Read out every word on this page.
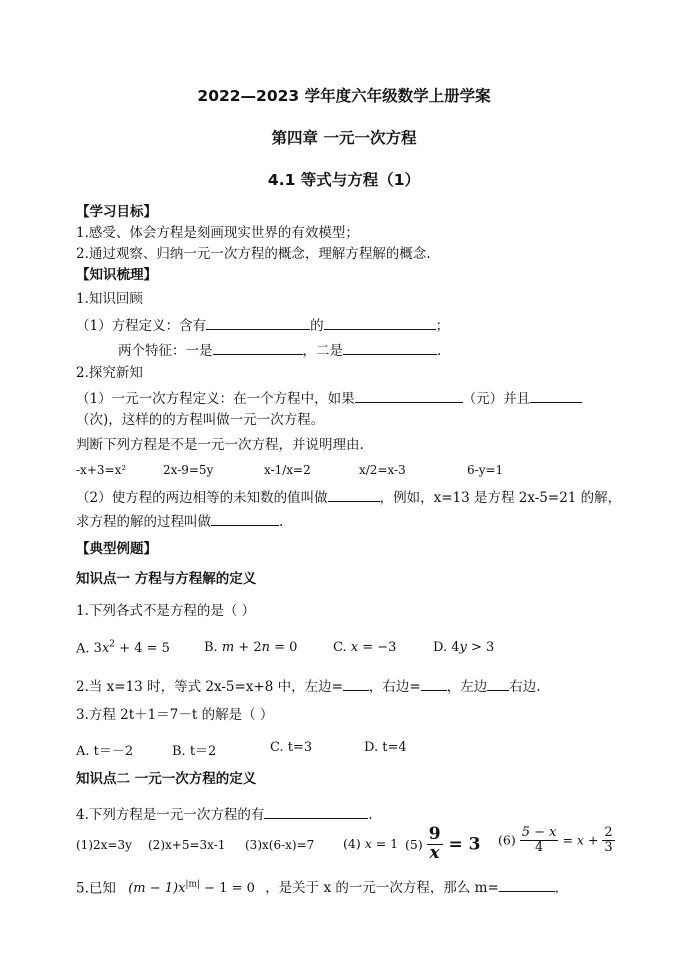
2022—2023 学年度六年级数学上册学案
第四章 一元一次方程
4.1 等式与方程（1）
【学习目标】
1.感受、体会方程是刻画现实世界的有效模型；
2.通过观察、归纳一元一次方程的概念，理解方程解的概念.
【知识梳理】
1.知识回顾
（1）方程定义：含有	的	；
两个特征：一是	，二是	.
2.探究新知
（1）一元一次方程定义：在一个方程中，如果	（元）并且
（次)，这样的的方程叫做一元一次方程。
判断下列方程是不是一元一次方程，并说明理由.
-x+3=x²	2x-9=5y	x-1/x=2	x/2=x-3	6-y=1
（2）使方程的两边相等的未知数的值叫做	，例如，x=13 是方程 2x-5=21 的解，
求方程的解的过程叫做	.
【典型例题】
知识点一 方程与方程解的定义
1.下列各式不是方程的是（ ）
A. $3x^2 + 4 = 5$	B. m + 2n = 0	C. x = −3	D. 4y > 3
2.当 x=13 时，等式 2x-5=x+8 中，左边= ，右边= ，左边 右边.
3.方程 2t＋1＝7－t 的解是（ ）
A. t＝－2	B. t＝2	C. t=3	D. t=4
知识点二 一元一次方程的定义
4.下列方程是一元一次方程的有	.
(1)2x=3y (2)x+5=3x-1 (3)x(6-x)=7 (4) x = 1 $(5) \frac{9}{x} = 3$ $(6) \frac{5 - x}{4} = x + \frac{2}{3}$
5.已知 $(m - 1)x^{|m|} - 1 = 0$ ，是关于 x 的一元一次方程，那么 m=	.
